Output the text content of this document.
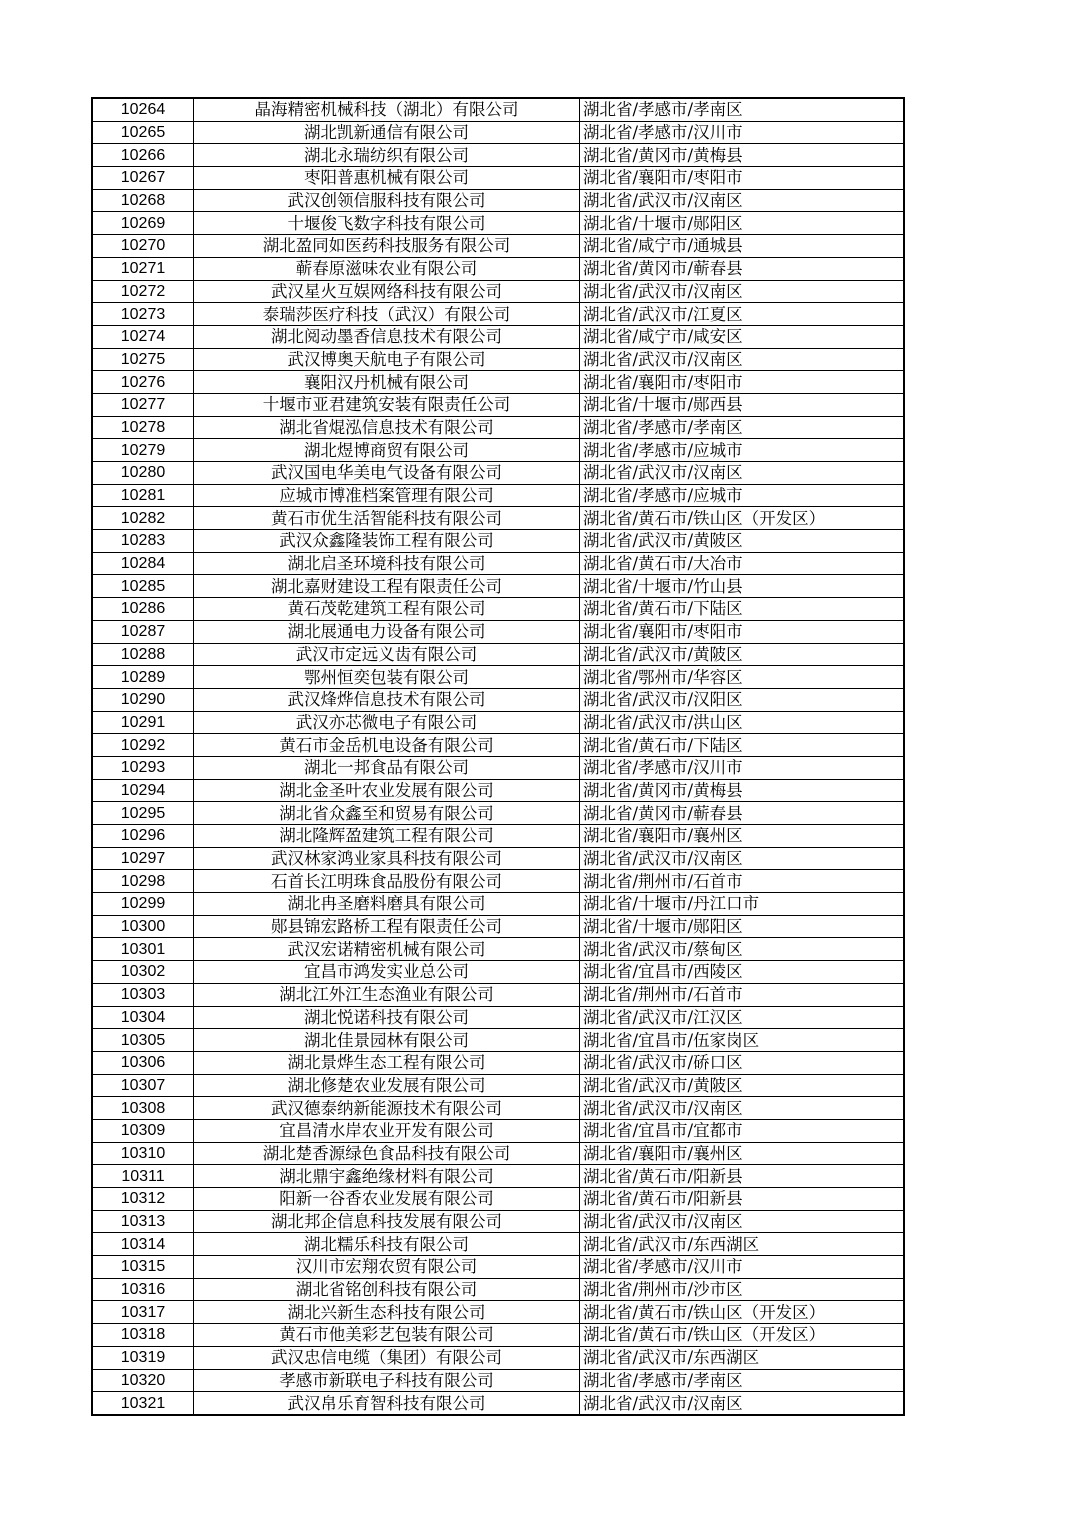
10264	晶海精密机械科技（湖北）有限公司	湖北省/孝感市/孝南区
10265	湖北凯新通信有限公司	湖北省/孝感市/汉川市
10266	湖北永瑞纺织有限公司	湖北省/黄冈市/黄梅县
10267	枣阳普惠机械有限公司	湖北省/襄阳市/枣阳市
10268	武汉创领信服科技有限公司	湖北省/武汉市/汉南区
10269	十堰俊飞数字科技有限公司	湖北省/十堰市/郧阳区
10270	湖北盈同如医药科技服务有限公司	湖北省/咸宁市/通城县
10271	蕲春原滋味农业有限公司	湖北省/黄冈市/蕲春县
10272	武汉星火互娱网络科技有限公司	湖北省/武汉市/汉南区
10273	泰瑞莎医疗科技（武汉）有限公司	湖北省/武汉市/江夏区
10274	湖北阅动墨香信息技术有限公司	湖北省/咸宁市/咸安区
10275	武汉博奥天航电子有限公司	湖北省/武汉市/汉南区
10276	襄阳汉丹机械有限公司	湖北省/襄阳市/枣阳市
10277	十堰市亚君建筑安装有限责任公司	湖北省/十堰市/郧西县
10278	湖北省焜泓信息技术有限公司	湖北省/孝感市/孝南区
10279	湖北煜博商贸有限公司	湖北省/孝感市/应城市
10280	武汉国电华美电气设备有限公司	湖北省/武汉市/汉南区
10281	应城市博准档案管理有限公司	湖北省/孝感市/应城市
10282	黄石市优生活智能科技有限公司	湖北省/黄石市/铁山区（开发区）
10283	武汉众鑫隆装饰工程有限公司	湖北省/武汉市/黄陂区
10284	湖北启圣环境科技有限公司	湖北省/黄石市/大冶市
10285	湖北嘉财建设工程有限责任公司	湖北省/十堰市/竹山县
10286	黄石茂乾建筑工程有限公司	湖北省/黄石市/下陆区
10287	湖北展通电力设备有限公司	湖北省/襄阳市/枣阳市
10288	武汉市定远义齿有限公司	湖北省/武汉市/黄陂区
10289	鄂州恒奕包装有限公司	湖北省/鄂州市/华容区
10290	武汉烽烨信息技术有限公司	湖北省/武汉市/汉阳区
10291	武汉亦芯微电子有限公司	湖北省/武汉市/洪山区
10292	黄石市金岳机电设备有限公司	湖北省/黄石市/下陆区
10293	湖北一邦食品有限公司	湖北省/孝感市/汉川市
10294	湖北金圣叶农业发展有限公司	湖北省/黄冈市/黄梅县
10295	湖北省众鑫至和贸易有限公司	湖北省/黄冈市/蕲春县
10296	湖北隆辉盈建筑工程有限公司	湖北省/襄阳市/襄州区
10297	武汉林家鸿业家具科技有限公司	湖北省/武汉市/汉南区
10298	石首长江明珠食品股份有限公司	湖北省/荆州市/石首市
10299	湖北冉圣磨料磨具有限公司	湖北省/十堰市/丹江口市
10300	郧县锦宏路桥工程有限责任公司	湖北省/十堰市/郧阳区
10301	武汉宏诺精密机械有限公司	湖北省/武汉市/蔡甸区
10302	宜昌市鸿发实业总公司	湖北省/宜昌市/西陵区
10303	湖北江外江生态渔业有限公司	湖北省/荆州市/石首市
10304	湖北悦诺科技有限公司	湖北省/武汉市/江汉区
10305	湖北佳景园林有限公司	湖北省/宜昌市/伍家岗区
10306	湖北景烨生态工程有限公司	湖北省/武汉市/硚口区
10307	湖北修楚农业发展有限公司	湖北省/武汉市/黄陂区
10308	武汉德泰纳新能源技术有限公司	湖北省/武汉市/汉南区
10309	宜昌清水岸农业开发有限公司	湖北省/宜昌市/宜都市
10310	湖北楚香源绿色食品科技有限公司	湖北省/襄阳市/襄州区
10311	湖北鼎宇鑫绝缘材料有限公司	湖北省/黄石市/阳新县
10312	阳新一谷香农业发展有限公司	湖北省/黄石市/阳新县
10313	湖北邦企信息科技发展有限公司	湖北省/武汉市/汉南区
10314	湖北糯乐科技有限公司	湖北省/武汉市/东西湖区
10315	汉川市宏翔农贸有限公司	湖北省/孝感市/汉川市
10316	湖北省铭创科技有限公司	湖北省/荆州市/沙市区
10317	湖北兴新生态科技有限公司	湖北省/黄石市/铁山区（开发区）
10318	黄石市他美彩艺包装有限公司	湖北省/黄石市/铁山区（开发区）
10319	武汉忠信电缆（集团）有限公司	湖北省/武汉市/东西湖区
10320	孝感市新联电子科技有限公司	湖北省/孝感市/孝南区
10321	武汉帛乐育智科技有限公司	湖北省/武汉市/汉南区
